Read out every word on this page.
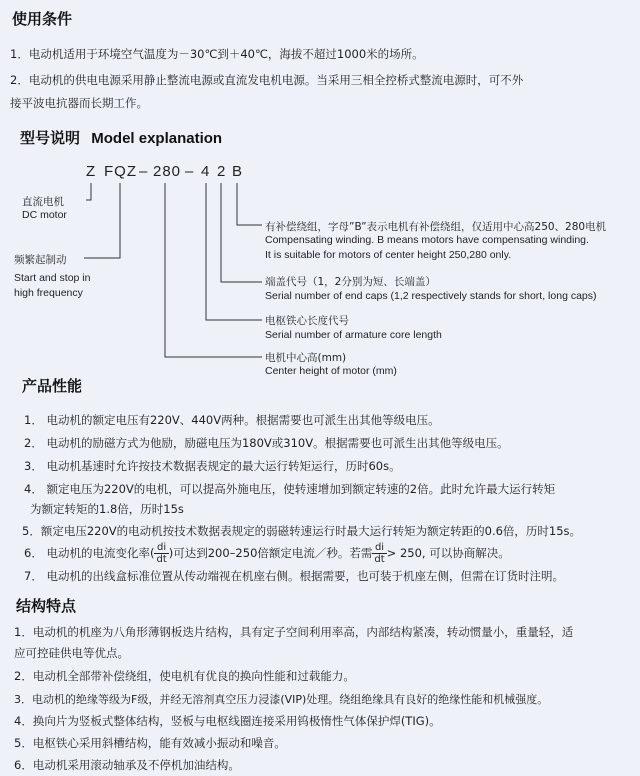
使用条件
1．电动机适用于环境空气温度为－30℃到＋40℃，海拔不超过1000米的场所。
2．电动机的供电电源采用静止整流电源或直流发电机电源。当采用三相全控桥式整流电源时，可不外
接平波电抗器而长期工作。
型号说明 Model explanation
Z FQZ – 280 – 4 2 B
直流电机
DC motor
频繁起制动
Start and stop in
high frequency
有补偿绕组，字母”B”表示电机有补偿绕组，仅适用中心高250、280电机
Compensating winding. B means motors have compensating winding.
It is suitable for motors of center height 250,280 only.
端盖代号（1，2分别为短、长端盖）
Serial number of end caps (1,2 respectively stands for short, long caps)
电枢铁心长度代号
Serial number of armature core length
电机中心高(mm)
Center height of motor (mm)
产品性能
1． 电动机的额定电压有220V、440V两种。根据需要也可派生出其他等级电压。
2． 电动机的励磁方式为他励，励磁电压为180V或310V。根据需要也可派生出其他等级电压。
3． 电动机基速时允许按技术数据表规定的最大运行转矩运行，历时60s。
4． 额定电压为220V的电机，可以提高外施电压，使转速增加到额定转速的2倍。此时允许最大运行转矩
为额定转矩的1.8倍，历时15s
5．额定电压220V的电动机按技术数据表规定的弱磁转速运行时最大运行转矩为额定转距的0.6倍，历时15s。
6． 电动机的电流变化率( $\frac{di}{dt}$ )可达到200–250倍额定电流／秒。若需 $\frac{di}{dt} > 250$, 可以协商解决。
7． 电动机的出线盒标准位置从传动端视在机座右侧。根据需要，也可装于机座左侧，但需在订货时注明。
结构特点
1．电动机的机座为八角形薄钢板迭片结构，具有定子空间利用率高，内部结构紧凑，转动惯量小，重量轻，适
应可控硅供电等优点。
2．电动机全部带补偿绕组，使电机有优良的换向性能和过载能力。
3．电动机的绝缘等级为F级，并经无溶剂真空压力浸漆(VIP)处理。绕组绝缘具有良好的绝缘性能和机械强度。
4．换向片为竖板式整体结构，竖板与电枢线圈连接采用钨极惰性气体保护焊(TIG)。
5．电枢铁心采用斜槽结构，能有效减小振动和噪音。
6．电动机采用滚动轴承及不停机加油结构。
